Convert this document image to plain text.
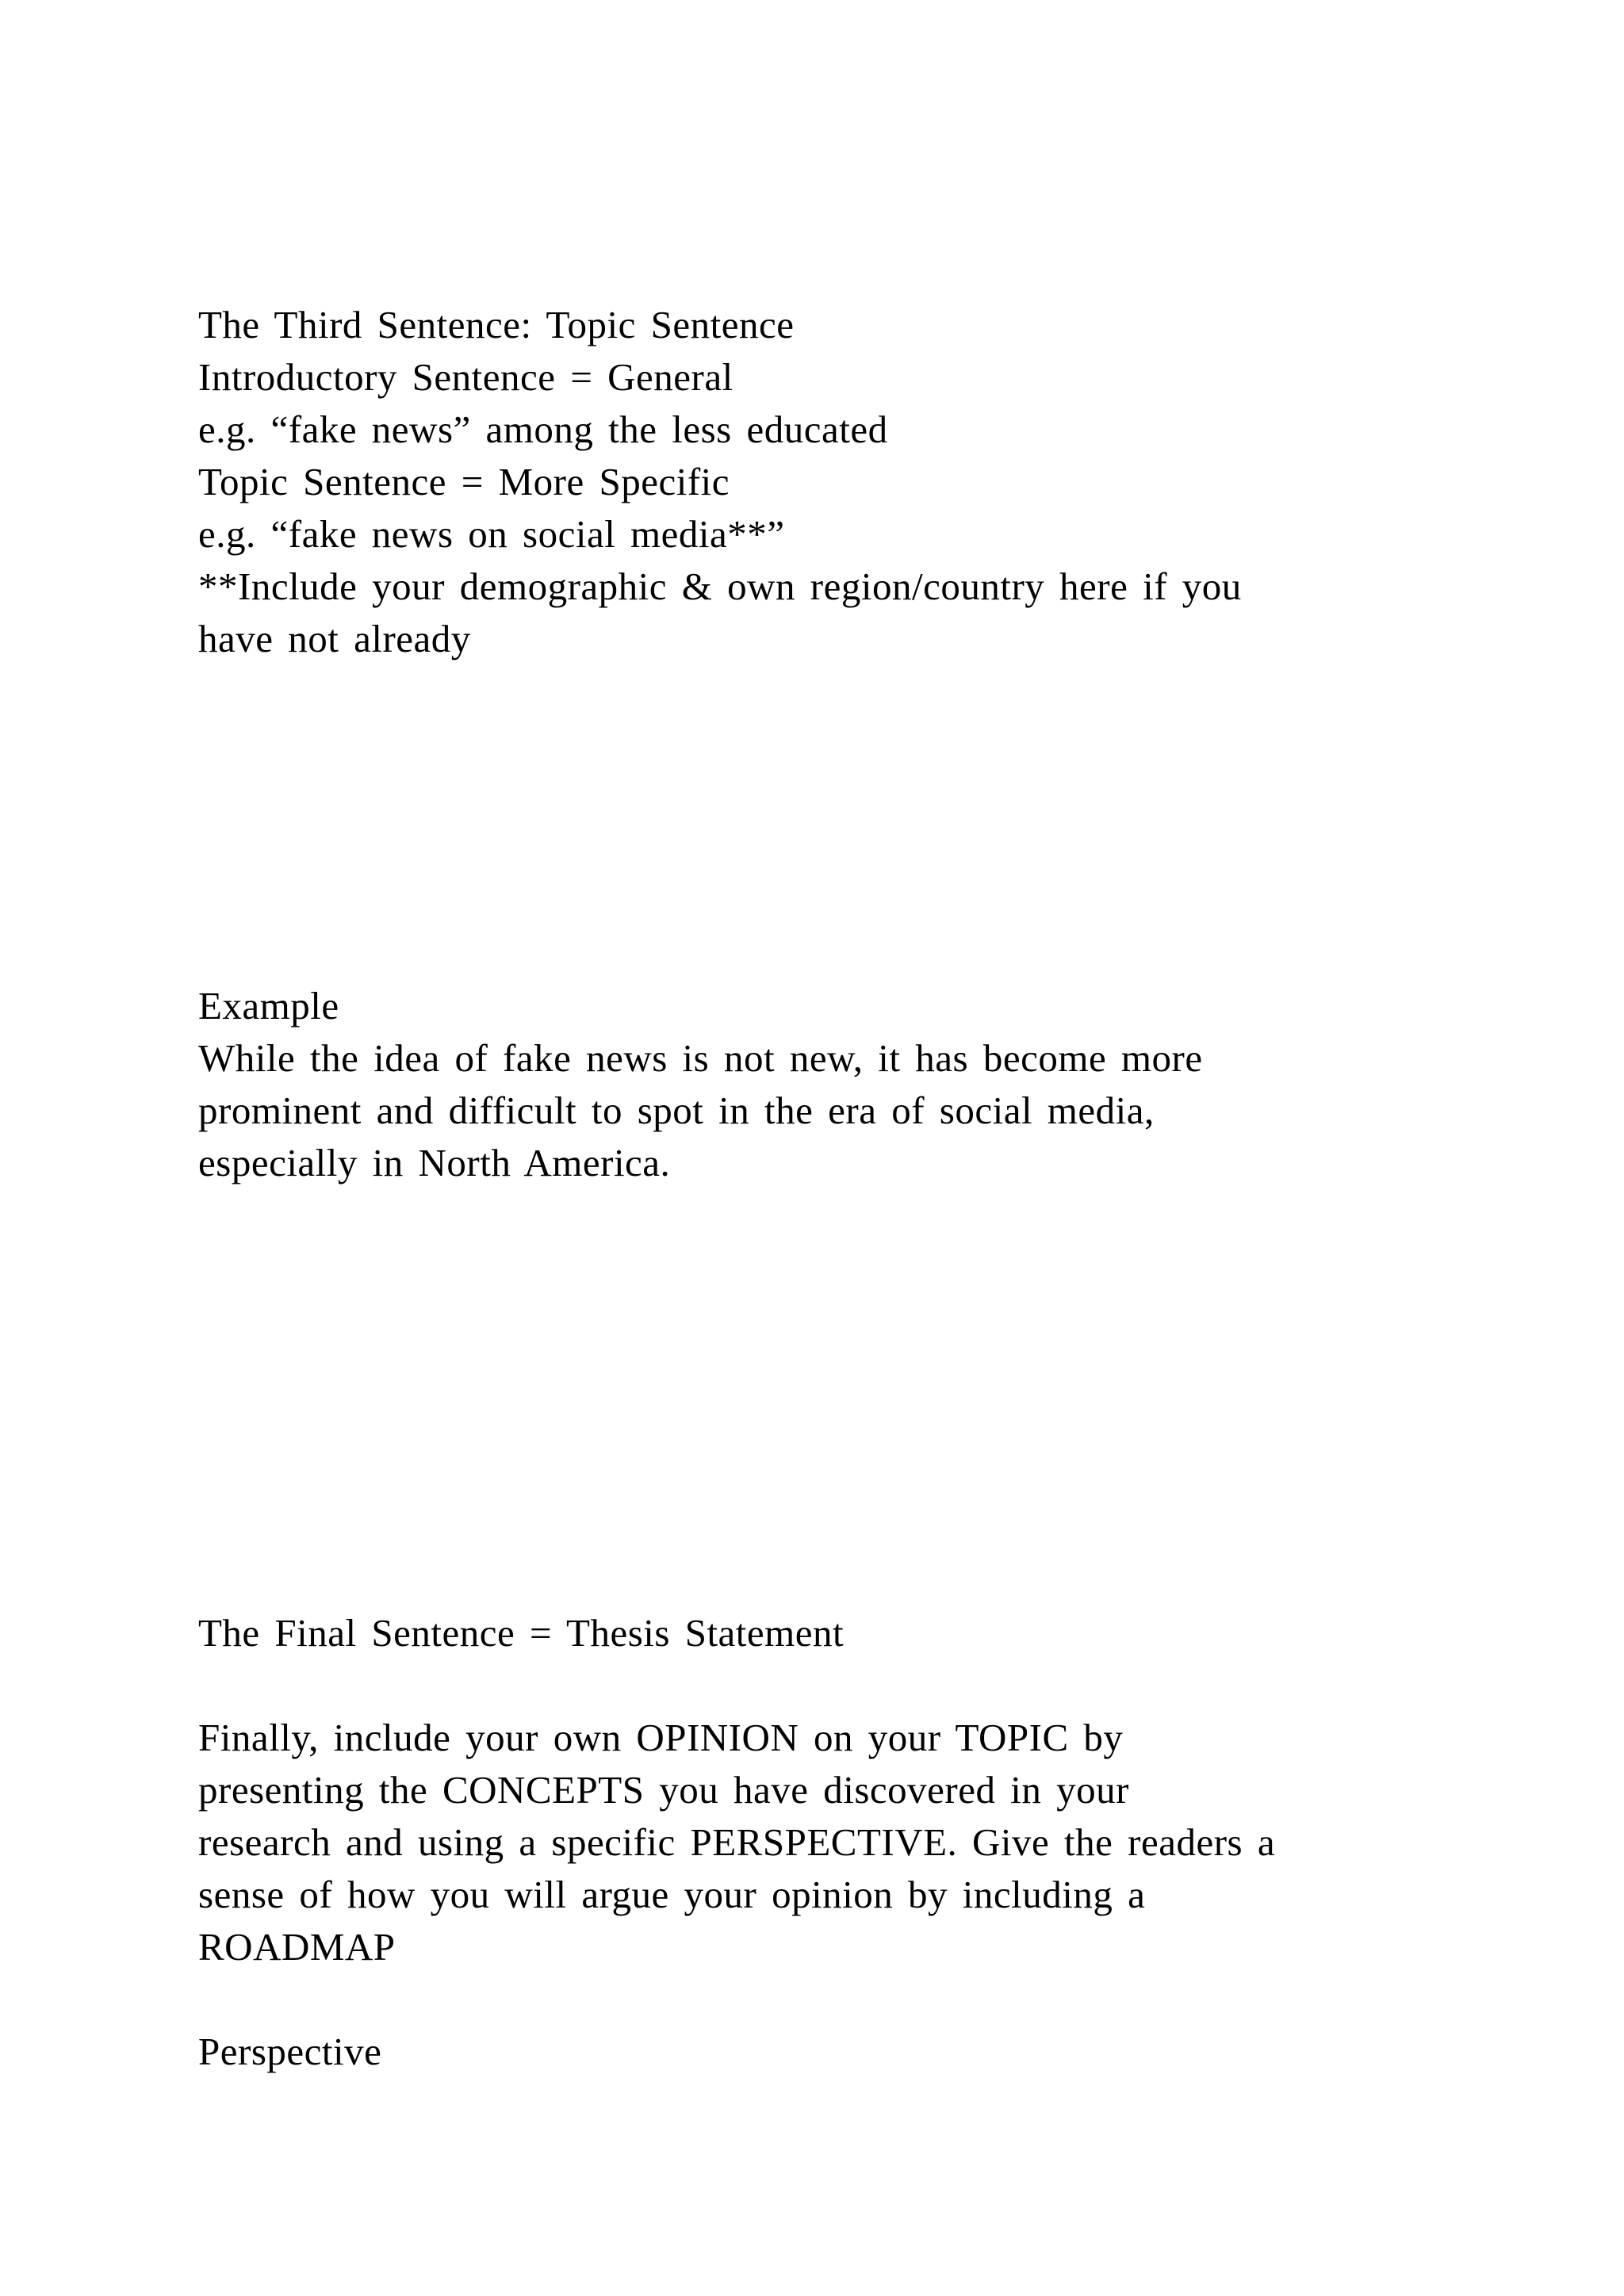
The Third Sentence: Topic Sentence

Introductory Sentence = General

e.g. “fake news” among the less educated

Topic Sentence = More Specific

e.g. “fake news on social media**”

**Include your demographic & own region/country here if you

have not already

Example

While the idea of fake news is not new, it has become more

prominent and difficult to spot in the era of social media,

especially in North America.

The Final Sentence = Thesis Statement

Finally, include your own OPINION on your TOPIC by

presenting the CONCEPTS you have discovered in your

research and using a specific PERSPECTIVE. Give the readers a

sense of how you will argue your opinion by including a

ROADMAP

Perspective
